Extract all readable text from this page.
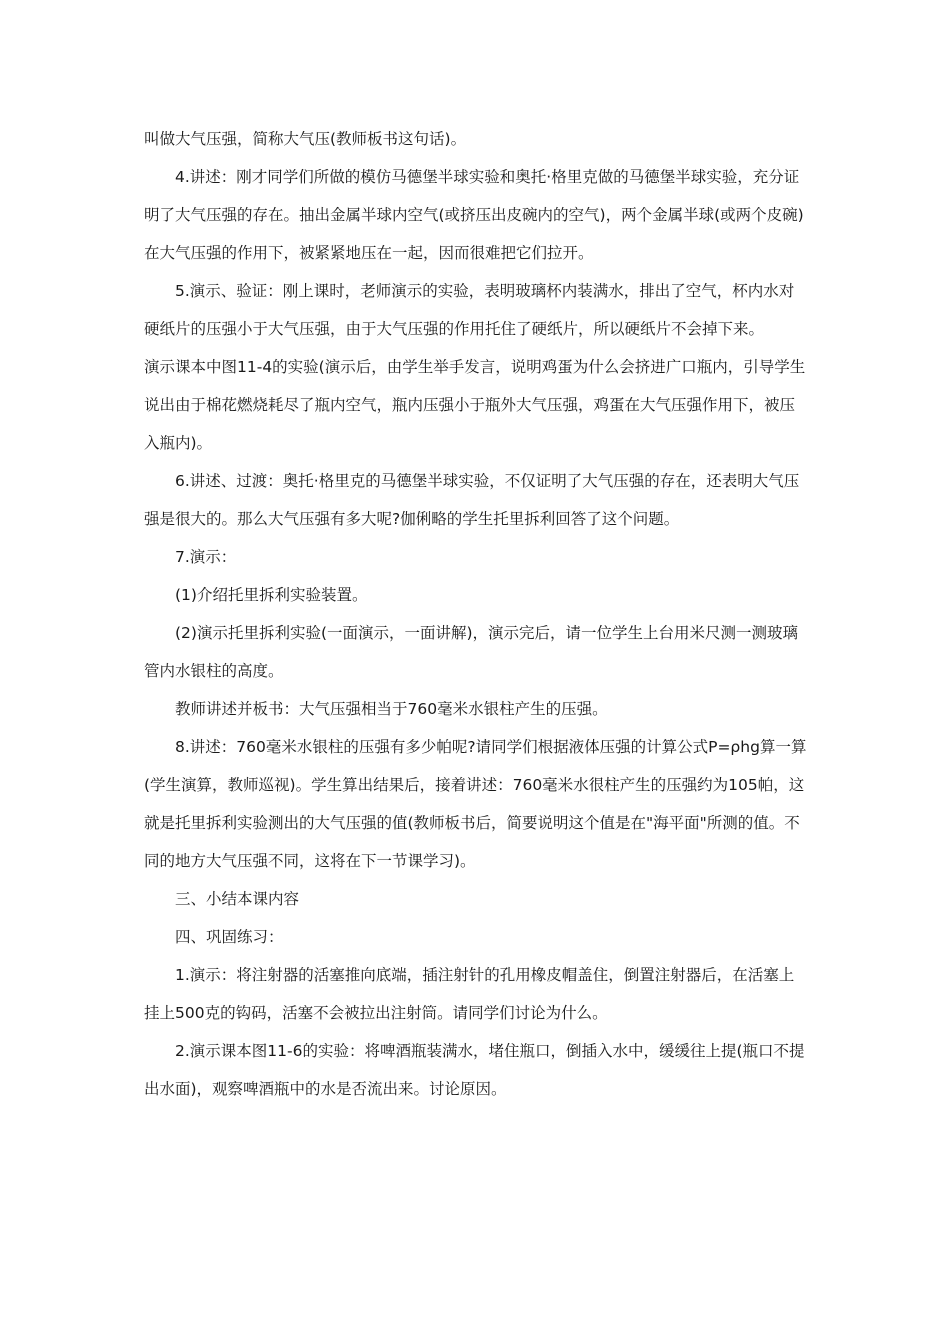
叫做大气压强，简称大气压(教师板书这句话)。

4.讲述：刚才同学们所做的模仿马德堡半球实验和奥托·格里克做的马德堡半球实验，充分证明了大气压强的存在。抽出金属半球内空气(或挤压出皮碗内的空气)，两个金属半球(或两个皮碗)在大气压强的作用下，被紧紧地压在一起，因而很难把它们拉开。

5.演示、验证：刚上课时，老师演示的实验，表明玻璃杯内装满水，排出了空气，杯内水对硬纸片的压强小于大气压强，由于大气压强的作用托住了硬纸片，所以硬纸片不会掉下来。

演示课本中图11-4的实验(演示后，由学生举手发言，说明鸡蛋为什么会挤进广口瓶内，引导学生说出由于棉花燃烧耗尽了瓶内空气，瓶内压强小于瓶外大气压强，鸡蛋在大气压强作用下，被压入瓶内)。

6.讲述、过渡：奥托·格里克的马德堡半球实验，不仅证明了大气压强的存在，还表明大气压强是很大的。那么大气压强有多大呢?伽俐略的学生托里拆利回答了这个问题。

7.演示：

(1)介绍托里拆利实验装置。

(2)演示托里拆利实验(一面演示，一面讲解)，演示完后，请一位学生上台用米尺测一测玻璃管内水银柱的高度。

教师讲述并板书：大气压强相当于760毫米水银柱产生的压强。

8.讲述：760毫米水银柱的压强有多少帕呢?请同学们根据液体压强的计算公式P=ρhg算一算(学生演算，教师巡视)。学生算出结果后，接着讲述：760毫米水很柱产生的压强约为105帕，这就是托里拆利实验测出的大气压强的值(教师板书后，简要说明这个值是在"海平面"所测的值。不同的地方大气压强不同，这将在下一节课学习)。

三、小结本课内容

四、巩固练习：

1.演示：将注射器的活塞推向底端，插注射针的孔用橡皮帽盖住，倒置注射器后，在活塞上挂上500克的钩码，活塞不会被拉出注射筒。请同学们讨论为什么。

2.演示课本图11-6的实验：将啤酒瓶装满水，堵住瓶口，倒插入水中，缓缓往上提(瓶口不提出水面)，观察啤酒瓶中的水是否流出来。讨论原因。
